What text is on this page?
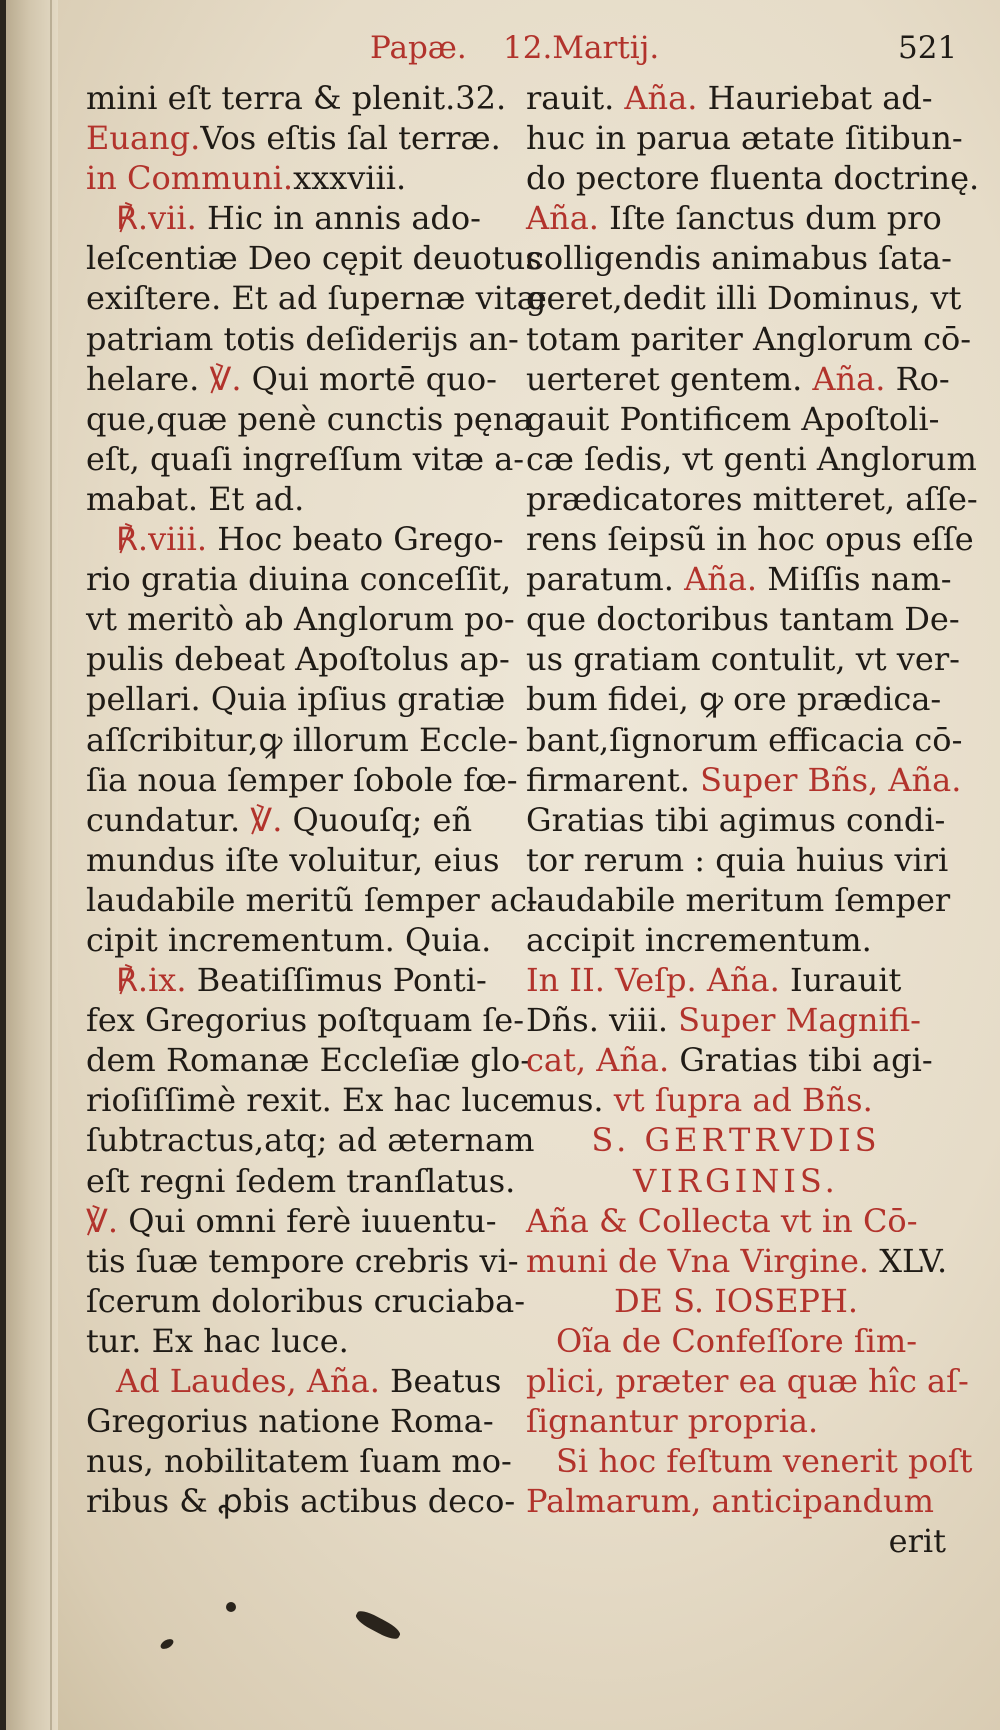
Papæ. 12.Martij.	521
mini eſt terra & plenit.32.
Euang.Vos eſtis ſal terræ.
in Communi.xxxviii.
℟.vii. Hic in annis ado-
leſcentiæ Deo cępit deuotus
exiſtere. Et ad ſupernæ vitæ
patriam totis deſiderijs an-
helare. ℣. Qui mortē quo-
que,quæ penè cunctis pęna
eſt, quaſi ingreſſum vitæ a-
mabat. Et ad.
℟.viii. Hoc beato Grego-
rio gratia diuina conceſſit,
vt meritò ab Anglorum po-
pulis debeat Apoſtolus ap-
pellari. Quia ipſius gratiæ
aſſcribitur,ꝙ illorum Eccle-
ſia noua ſemper ſobole fœ-
cundatur. ℣. Quouſq; eñ
mundus iſte voluitur, eius
laudabile meritũ ſemper ac-
cipit incrementum. Quia.
℟.ix. Beatiſſimus Ponti-
fex Gregorius poſtquam ſe-
dem Romanæ Eccleſiæ glo-
rioſiſſimè rexit. Ex hac luce
ſubtractus,atq; ad æternam
eſt regni ſedem tranſlatus.
℣. Qui omni ferè iuuentu-
tis ſuæ tempore crebris vi-
ſcerum doloribus cruciaba-
tur. Ex hac luce.
Ad Laudes, Aña. Beatus
Gregorius natione Roma-
nus, nobilitatem ſuam mo-
ribus & ꝓbis actibus deco-
rauit. Aña. Hauriebat ad-
huc in parua ætate ſitibun-
do pectore fluenta doctrinę.
Aña. Iſte ſanctus dum pro
colligendis animabus ſata-
geret,dedit illi Dominus, vt
totam pariter Anglorum cō-
uerteret gentem. Aña. Ro-
gauit Pontificem Apoſtoli-
cæ ſedis, vt genti Anglorum
prædicatores mitteret, aſſe-
rens ſeipsũ in hoc opus eſſe
paratum. Aña. Miſſis nam-
que doctoribus tantam De-
us gratiam contulit, vt ver-
bum fidei, ꝙ ore prædica-
bant,ſignorum efficacia cō-
firmarent. Super Bñs, Aña.
Gratias tibi agimus condi-
tor rerum : quia huius viri
laudabile meritum ſemper
accipit incrementum.
In II. Veſp. Aña. Iurauit
Dñs. viii. Super Magnifi-
cat, Aña. Gratias tibi agi-
mus. vt ſupra ad Bñs.
S. GERTRVDIS
VIRGINIS.
Aña & Collecta vt in Cō-
muni de Vna Virgine. XLV.
DE S. IOSEPH.
Oĩa de Confeſſore ſim-
plici, præter ea quæ hîc aſ-
ſignantur propria.
Si hoc feſtum venerit poſt
Palmarum, anticipandum
erit
